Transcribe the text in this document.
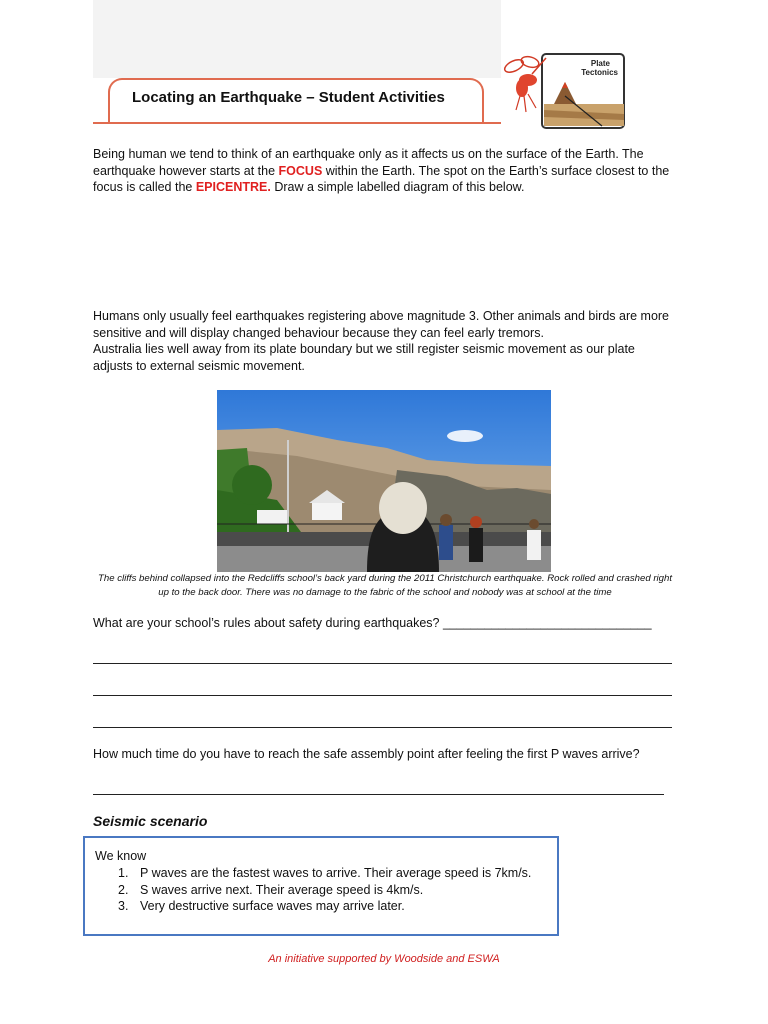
Locating an Earthquake – Student Activities
Plate
Tectonics

Being human we tend to think of an earthquake only as it affects us on the surface of the Earth. The earthquake however starts at the FOCUS within the Earth. The spot on the Earth’s surface closest to the focus is called the EPICENTRE. Draw a simple labelled diagram of this below.

Humans only usually feel earthquakes registering above magnitude 3. Other animals and birds are more sensitive and will display changed behaviour because they can feel early tremors.
Australia lies well away from its plate boundary but we still register seismic movement as our plate adjusts to external seismic movement.

The cliffs behind collapsed into the Redcliffs school’s back yard during the 2011 Christchurch earthquake. Rock rolled and crashed right up to the back door. There was no damage to the fabric of the school and nobody was at school at the time

What are your school’s rules about safety during earthquakes? ______________________________

How much time do you have to reach the safe assembly point after feeling the first P waves arrive?

Seismic scenario

We know

1. P waves are the fastest waves to arrive. Their average speed is 7km/s.
2. S waves arrive next. Their average speed is 4km/s.
3. Very destructive surface waves may arrive later.

An initiative supported by Woodside and ESWA
